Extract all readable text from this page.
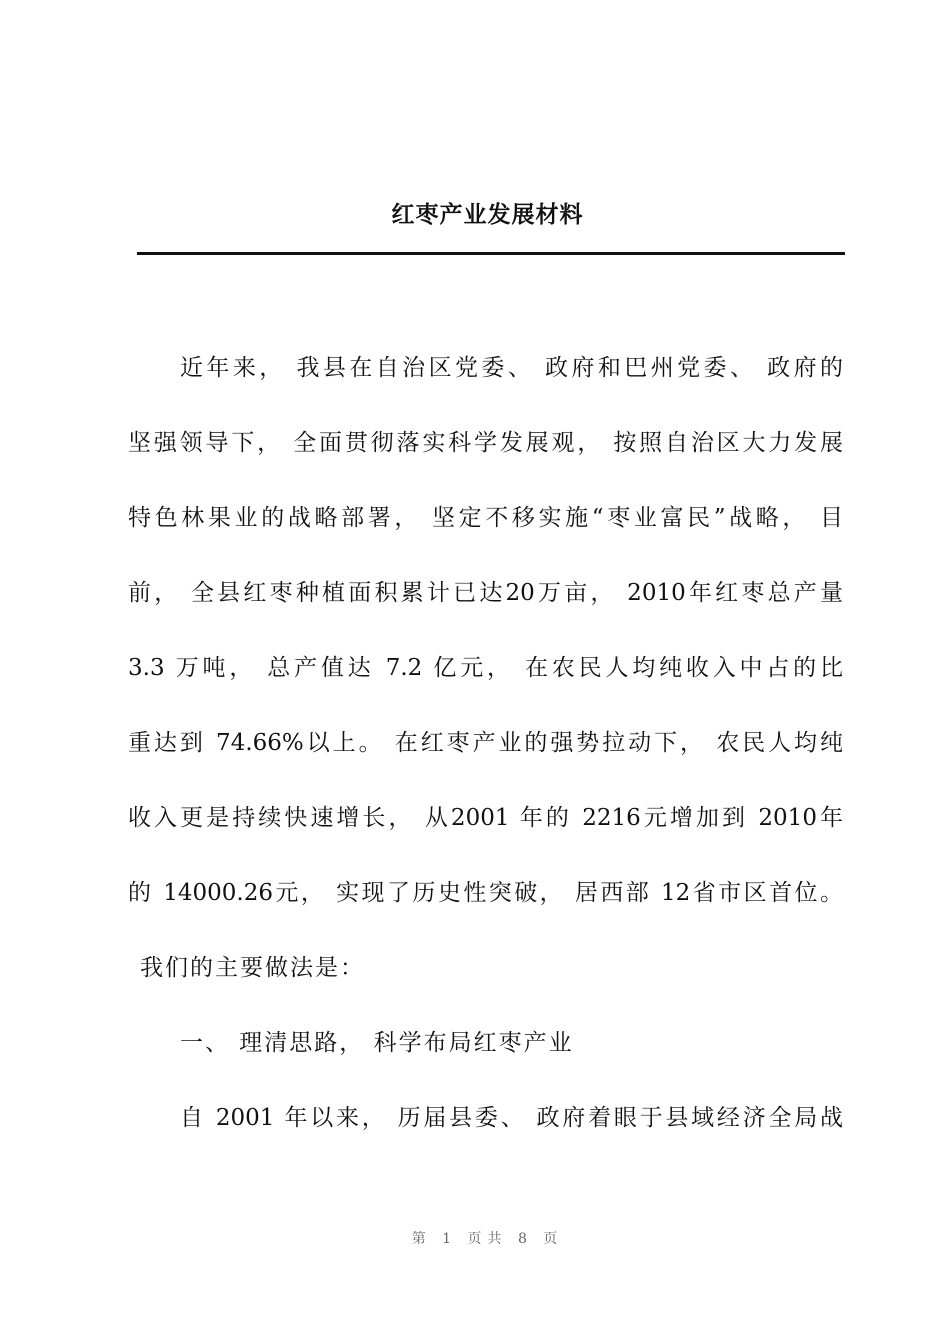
红枣产业发展材料
近年来， 我县在自治区党委、 政府和巴州党委、 政府的
坚强领导下， 全面贯彻落实科学发展观， 按照自治区大力发展
特色林果业的战略部署， 坚定不移实施“枣业富民”战略， 目
前， 全县红枣种植面积累计已达20万亩， 2010年红枣总产量
3.3 万吨， 总产值达 7.2 亿元， 在农民人均纯收入中占的比
重达到 74.66%以上。 在红枣产业的强势拉动下， 农民人均纯
收入更是持续快速增长， 从2001 年的 2216元增加到 2010年
的 14000.26元， 实现了历史性突破， 居西部 12省市区首位。
我们的主要做法是：
一、 理清思路， 科学布局红枣产业
自 2001 年以来， 历届县委、 政府着眼于县域经济全局战
第 1 页共 8 页
